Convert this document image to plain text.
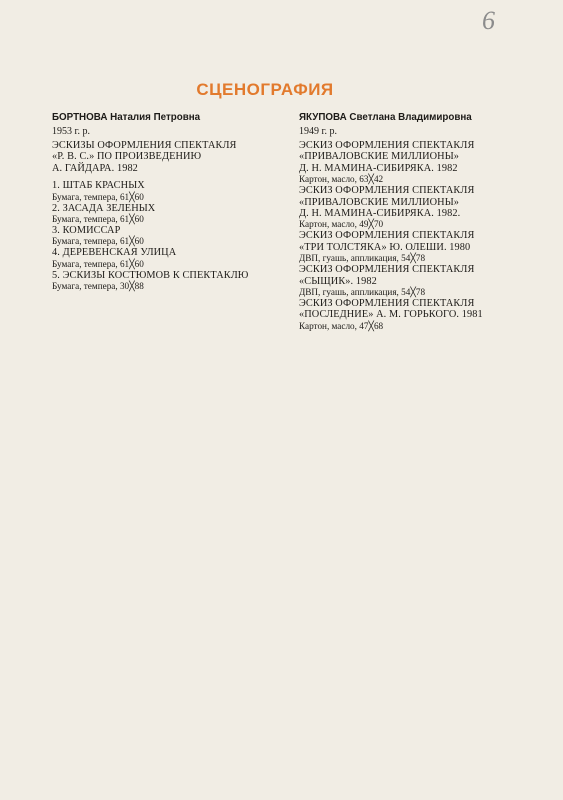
6
СЦЕНОГРАФИЯ
БОРТНОВА Наталия Петровна
1953 г. р.
ЭСКИЗЫ ОФОРМЛЕНИЯ СПЕКТАКЛЯ
«Р. В. С.» ПО ПРОИЗВЕДЕНИЮ
А. ГАЙДАРА. 1982
1. ШТАБ КРАСНЫХ
Бумага, темпера, 61╳60
2. ЗАСАДА ЗЕЛЕНЫХ
Бумага, темпера, 61╳60
3. КОМИССАР
Бумага, темпера, 61╳60
4. ДЕРЕВЕНСКАЯ УЛИЦА
Бумага, темпера, 61╳60
5. ЭСКИЗЫ КОСТЮМОВ К СПЕКТАКЛЮ
Бумага, темпера, 30╳88
ЯКУПОВА Светлана Владимировна
1949 г. р.
ЭСКИЗ ОФОРМЛЕНИЯ СПЕКТАКЛЯ
«ПРИВАЛОВСКИЕ МИЛЛИОНЫ»
Д. Н. МАМИНА-СИБИРЯКА. 1982
Картон, масло, 63╳42
ЭСКИЗ ОФОРМЛЕНИЯ СПЕКТАКЛЯ
«ПРИВАЛОВСКИЕ МИЛЛИОНЫ»
Д. Н. МАМИНА-СИБИРЯКА. 1982.
Картон, масло, 49╳70
ЭСКИЗ ОФОРМЛЕНИЯ СПЕКТАКЛЯ
«ТРИ ТОЛСТЯКА» Ю. ОЛЕШИ. 1980
ДВП, гуашь, аппликация, 54╳78
ЭСКИЗ ОФОРМЛЕНИЯ СПЕКТАКЛЯ
«СЫЩИК». 1982
ДВП, гуашь, аппликация, 54╳78
ЭСКИЗ ОФОРМЛЕНИЯ СПЕКТАКЛЯ
«ПОСЛЕДНИЕ» А. М. ГОРЬКОГО. 1981
Картон, масло, 47╳68
